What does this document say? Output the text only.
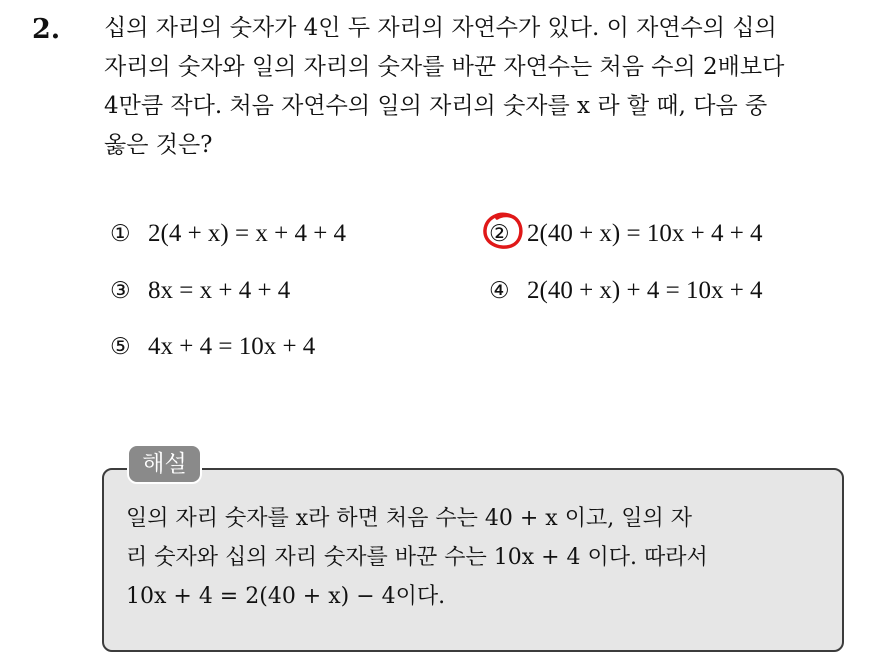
2. 십의 자리의 숫자가 4인 두 자리의 자연수가 있다. 이 자연수의 십의
자리의 숫자와 일의 자리의 숫자를 바꾼 자연수는 처음 수의 2배보다
4만큼 작다. 처음 자연수의 일의 자리의 숫자를 x 라 할 때, 다음 중
옳은 것은?
① 2(4 + x) = x + 4 + 4	② 2(40 + x) = 10x + 4 + 4
③ 8x = x + 4 + 4	④ 2(40 + x) + 4 = 10x + 4
⑤ 4x + 4 = 10x + 4
해설
일의 자리 숫자를 x라 하면 처음 수는 40 + x 이고, 일의 자
리 숫자와 십의 자리 숫자를 바꾼 수는 10x + 4 이다. 따라서
10x + 4 = 2(40 + x) − 4이다.
